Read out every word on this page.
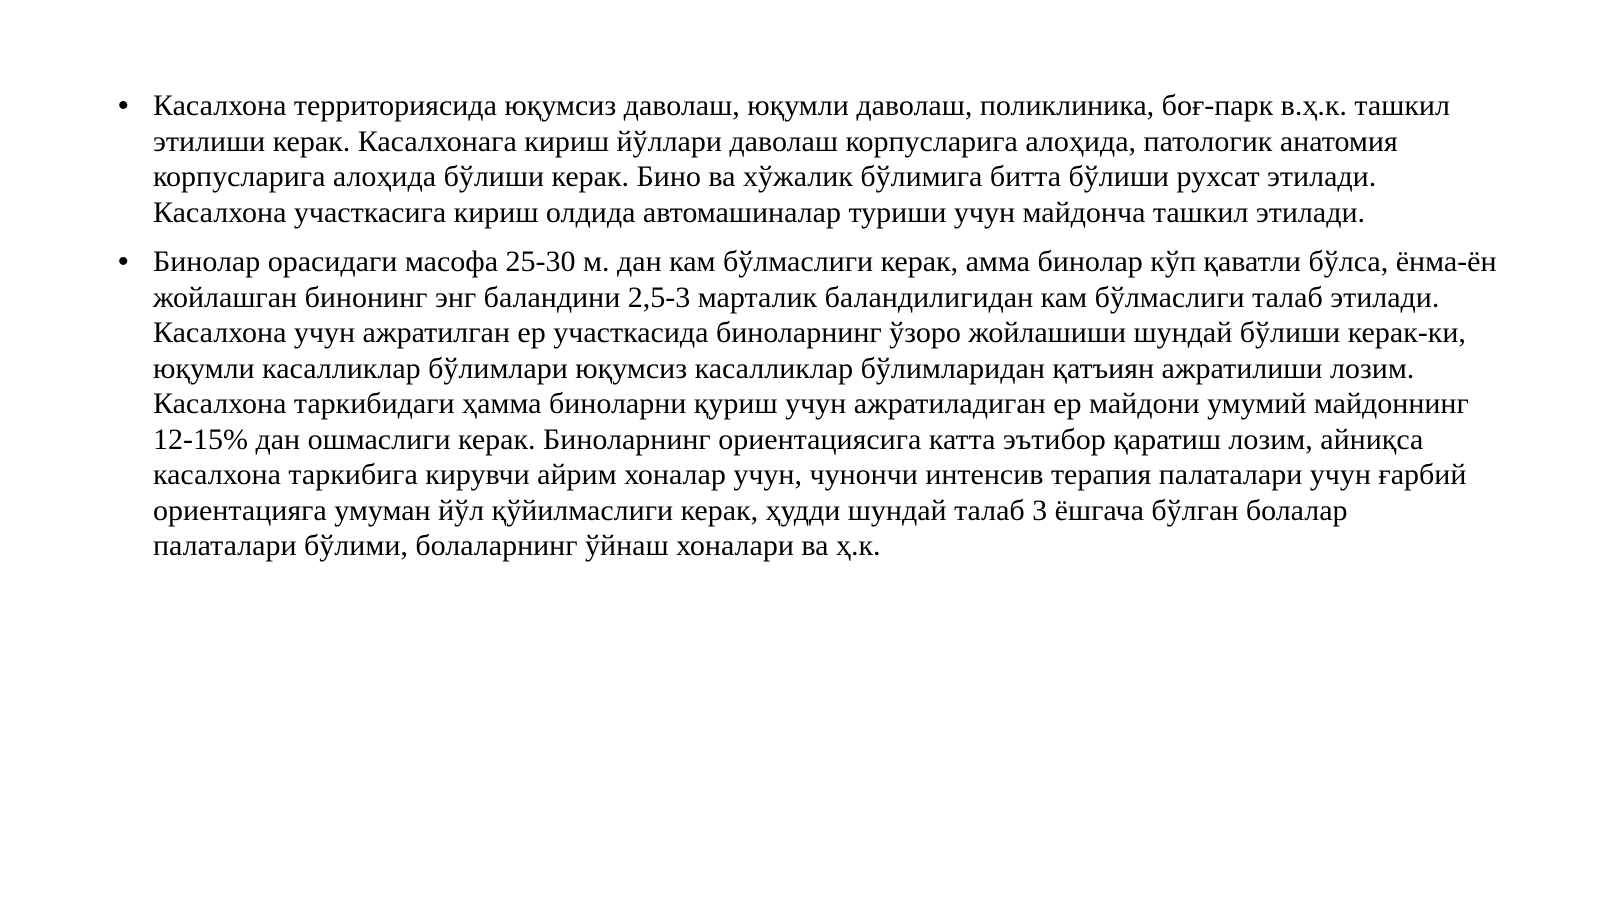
• Касалхона территориясида юқумсиз даволаш, юқумли даволаш, поликлиника, боғ-парк в.ҳ.к. ташкил этилиши керак. Касалхонага кириш йўллари даволаш корпусларига алоҳида, патологик анатомия корпусларига алоҳида бўлиши керак. Бино ва хўжалик бўлимига битта бўлиши рухсат этилади. Касалхона участкасига кириш олдида автомашиналар туриши учун майдонча ташкил этилади.
• Бинолар орасидаги масофа 25-30 м. дан кам бўлмаслиги керак, амма бинолар кўп қаватли бўлса, ёнма-ён жойлашган бинонинг энг баландини 2,5-3 марталик баландилигидан кам бўлмаслиги талаб этилади. Касалхона учун ажратилган ер участкасида биноларнинг ўзоро жойлашиши шундай бўлиши керак-ки, юқумли касалликлар бўлимлари юқумсиз касалликлар бўлимларидан қатъиян ажратилиши лозим. Касалхона таркибидаги ҳамма биноларни қуриш учун ажратиладиган ер майдони умумий майдоннинг 12-15% дан ошмаслиги керак. Биноларнинг ориентациясига катта эътибор қаратиш лозим, айниқса касалхона таркибига кирувчи айрим хоналар учун, чунончи интенсив терапия палаталари учун ғарбий ориентацияга умуман йўл қўйилмаслиги керак, ҳудди шундай талаб 3 ёшгача бўлган болалар палаталари бўлими, болаларнинг ўйнаш хоналари ва ҳ.к.
